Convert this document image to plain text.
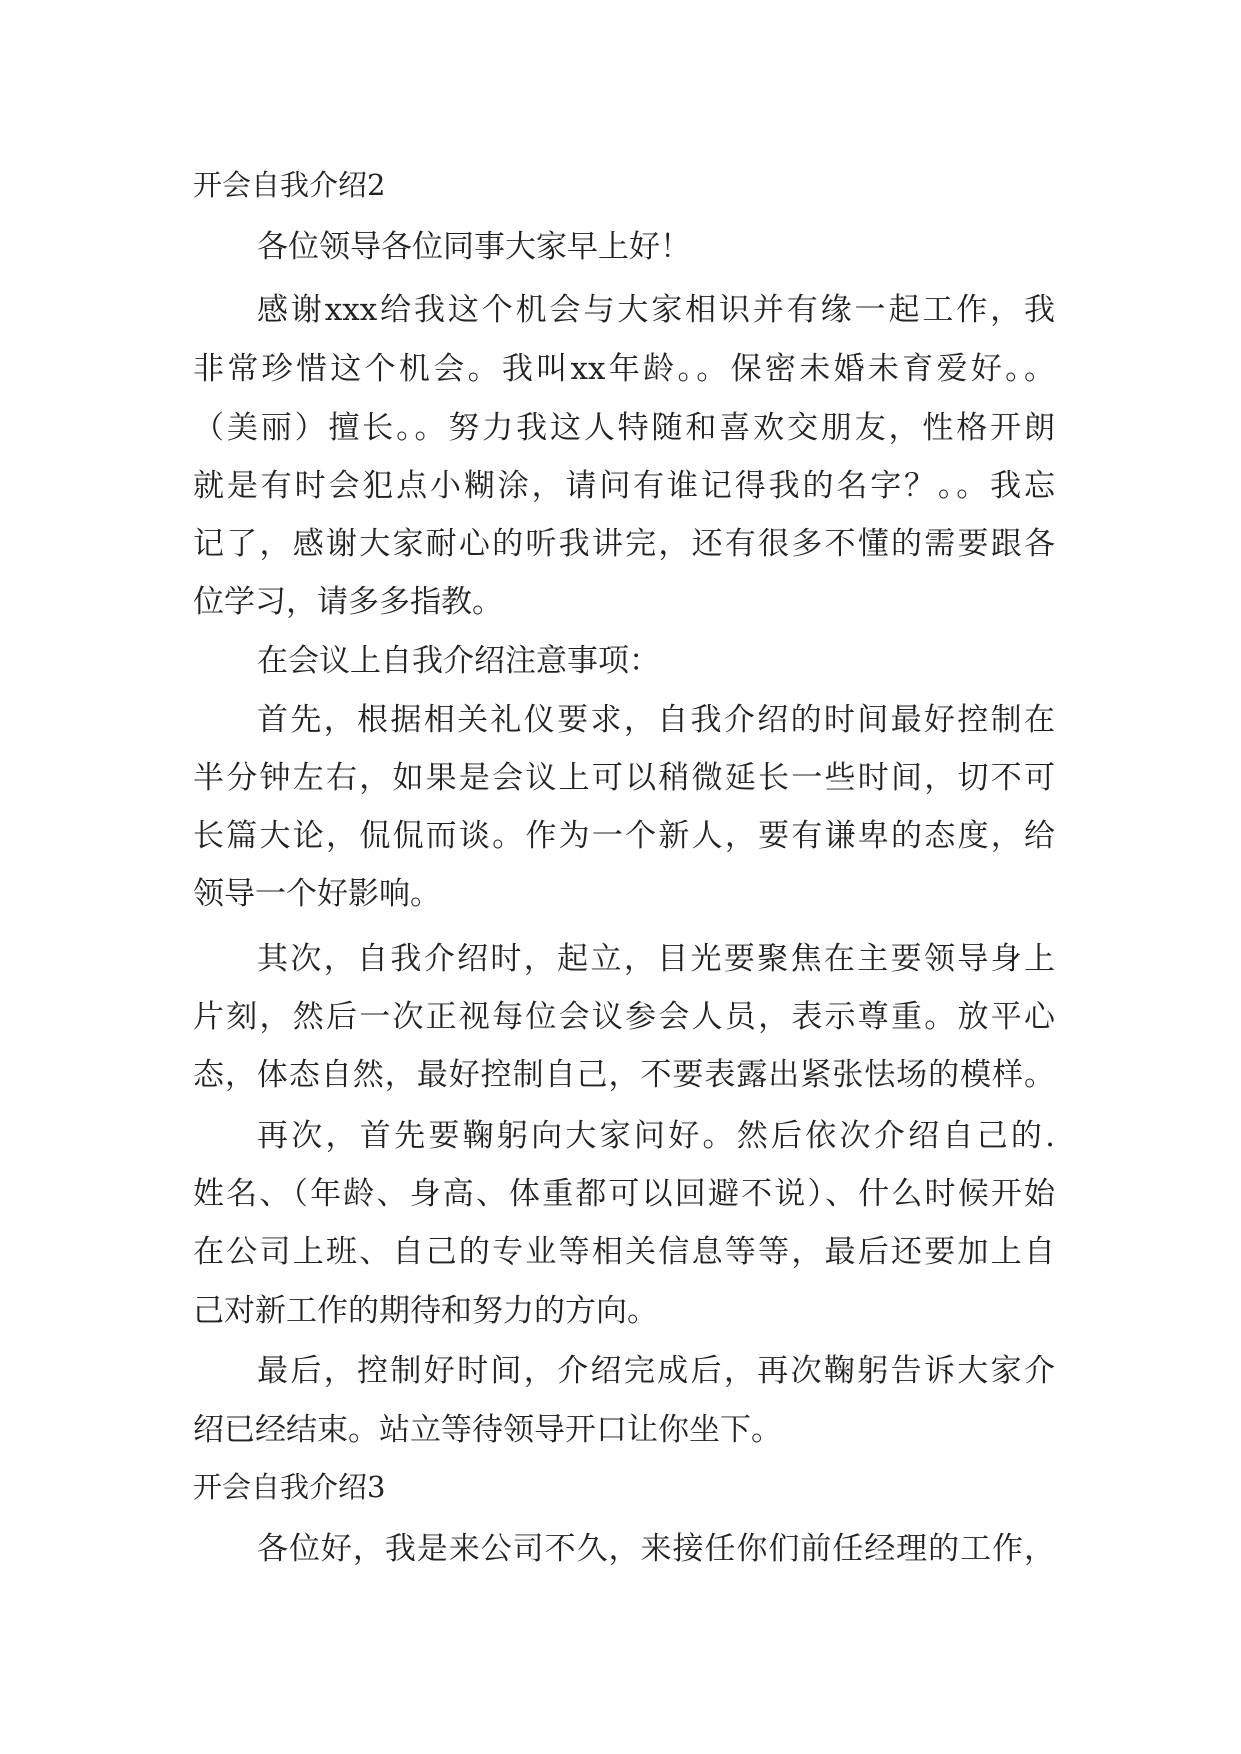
开会自我介绍2
各位领导各位同事大家早上好！
感谢xxx给我这个机会与大家相识并有缘一起工作，我
非常珍惜这个机会。我叫xx年龄。。保密未婚未育爱好。。
（美丽）擅长。。努力我这人特随和喜欢交朋友，性格开朗
就是有时会犯点小糊涂，请问有谁记得我的名字？。。我忘
记了，感谢大家耐心的听我讲完，还有很多不懂的需要跟各
位学习，请多多指教。
在会议上自我介绍注意事项：
首先，根据相关礼仪要求，自我介绍的时间最好控制在
半分钟左右，如果是会议上可以稍微延长一些时间，切不可
长篇大论，侃侃而谈。作为一个新人，要有谦卑的态度，给
领导一个好影响。
其次，自我介绍时，起立，目光要聚焦在主要领导身上
片刻，然后一次正视每位会议参会人员，表示尊重。放平心
态，体态自然，最好控制自己，不要表露出紧张怯场的模样。
再次，首先要鞠躬向大家问好。然后依次介绍自己的.
姓名、（年龄、身高、体重都可以回避不说）、什么时候开始
在公司上班、自己的专业等相关信息等等，最后还要加上自
己对新工作的期待和努力的方向。
最后，控制好时间，介绍完成后，再次鞠躬告诉大家介
绍已经结束。站立等待领导开口让你坐下。
开会自我介绍3
各位好，我是来公司不久，来接任你们前任经理的工作，
